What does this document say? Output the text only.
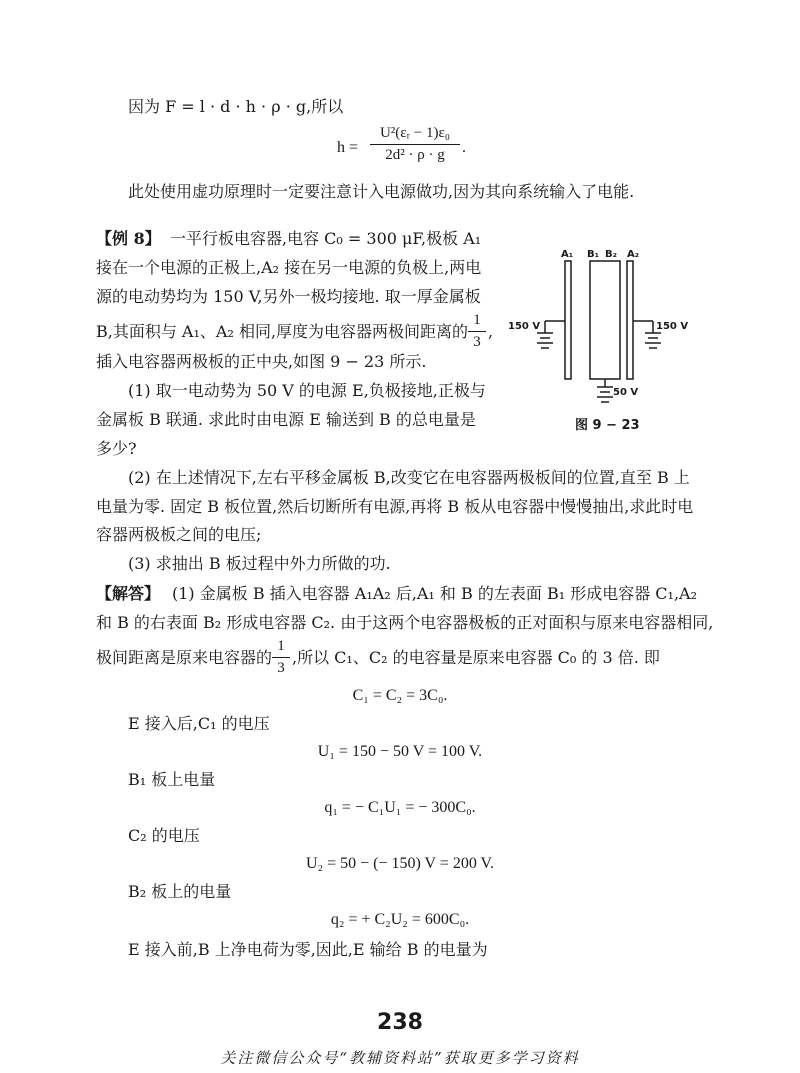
因为 F = l · d · h · ρ · g,所以
$h = \frac{\text{U²(εᵣ − 1)ε₀}}{\text{2d² · ρ · g}}$ .
此处使用虚功原理时一定要注意计入电源做功,因为其向系统输入了电能.
【例 8】 一平行板电容器,电容 C₀ = 300 μF,极板 A₁
接在一个电源的正极上,A₂ 接在另一电源的负极上,两电
源的电动势均为 150 V,另外一极均接地. 取一厚金属板
B,其面积与 A₁、A₂ 相同,厚度为电容器两极间距离的 $\frac{1}{3}$ ,
插入电容器两极板的正中央,如图 9 − 23 所示.
(1) 取一电动势为 50 V 的电源 E,负极接地,正极与
金属板 B 联通. 求此时由电源 E 输送到 B 的总电量是
多少?
(2) 在上述情况下,左右平移金属板 B,改变它在电容器两极板间的位置,直至 B 上
电量为零. 固定 B 板位置,然后切断所有电源,再将 B 板从电容器中慢慢抽出,求此时电
容器两极板之间的电压;
(3) 求抽出 B 板过程中外力所做的功.
A₁ B₁ B₂ A₂
150 V	150 V
50 V
图 9 − 23
【解答】 (1) 金属板 B 插入电容器 A₁A₂ 后,A₁ 和 B 的左表面 B₁ 形成电容器 C₁,A₂
和 B 的右表面 B₂ 形成电容器 C₂. 由于这两个电容器极板的正对面积与原来电容器相同,
极间距离是原来电容器的 $\frac{1}{3}$ ,所以 C₁、C₂ 的电容量是原来电容器 C₀ 的 3 倍. 即
C₁ = C₂ = 3C₀.
E 接入后,C₁ 的电压
U₁ = 150 − 50 V = 100 V.
B₁ 板上电量
q₁ = − C₁U₁ = − 300C₀.
C₂ 的电压
U₂ = 50 − (− 150) V = 200 V.
B₂ 板上的电量
238
关注微信公众号“教辅资料站”获取更多学习资料
q₂ = + C₂U₂ = 600C₀.
E 接入前,B 上净电荷为零,因此,E 输给 B 的电量为
